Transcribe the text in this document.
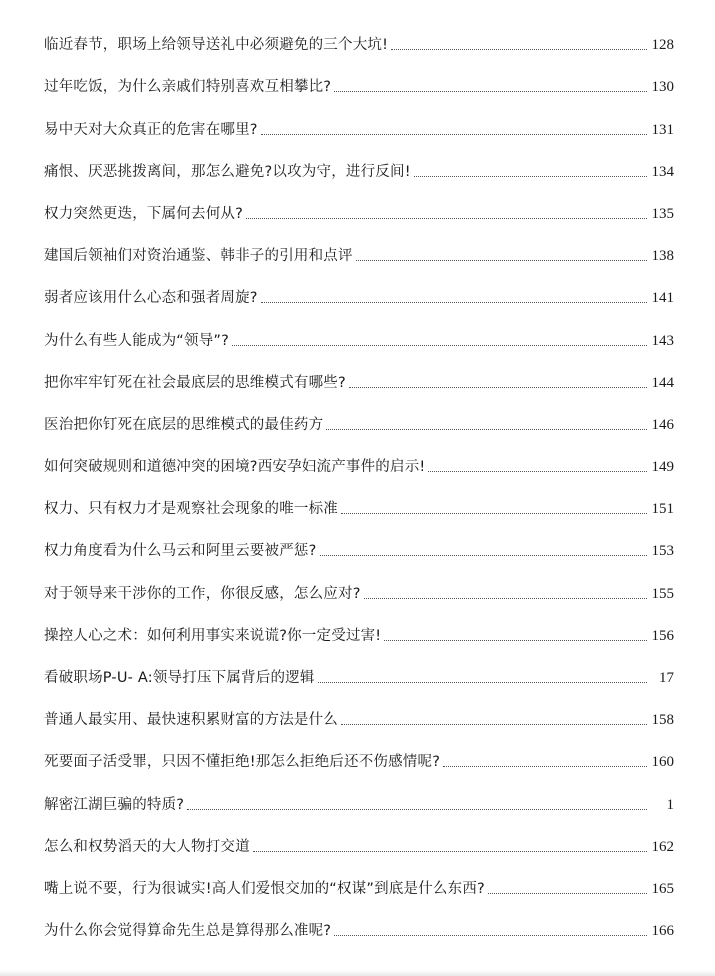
临近春节，职场上给领导送礼中必须避免的三个大坑!	128
过年吃饭，为什么亲戚们特别喜欢互相攀比?	130
易中天对大众真正的危害在哪里?	131
痛恨、厌恶挑拨离间，那怎么避免?以攻为守，进行反间!	134
权力突然更迭，下属何去何从?	135
建国后领袖们对资治通鉴、韩非子的引用和点评	138
弱者应该用什么心态和强者周旋?	141
为什么有些人能成为“领导”?	143
把你牢牢钉死在社会最底层的思维模式有哪些?	144
医治把你钉死在底层的思维模式的最佳药方	146
如何突破规则和道德冲突的困境?西安孕妇流产事件的启示!	149
权力、只有权力才是观察社会现象的唯一标准	151
权力角度看为什么马云和阿里云要被严惩?	153
对于领导来干涉你的工作，你很反感，怎么应对?	155
操控人心之术：如何利用事实来说谎?你一定受过害!	156
看破职场P-U- A:领导打压下属背后的逻辑	17
普通人最实用、最快速积累财富的方法是什么	158
死要面子活受罪，只因不懂拒绝!那怎么拒绝后还不伤感情呢?	160
解密江湖巨骗的特质?	1
怎么和权势滔天的大人物打交道	162
嘴上说不要，行为很诚实!高人们爱恨交加的“权谋”到底是什么东西?	165
为什么你会觉得算命先生总是算得那么准呢?	166
